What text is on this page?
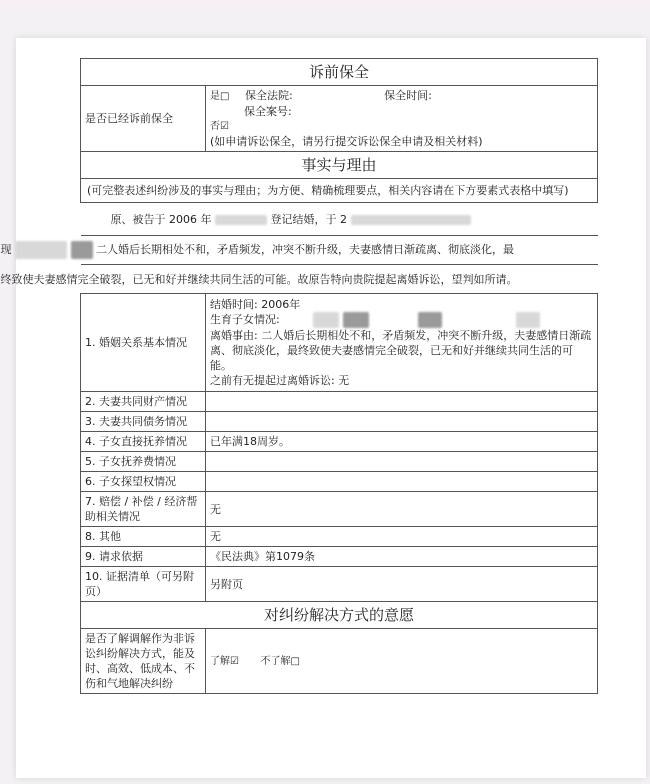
诉前保全	
是否已经诉前保全	是□ 保全法院: 保全时间:
保全案号:
否☑
(如申请诉讼保全，请另行提交诉讼保全申请及相关材料)

事实与理由	
(可完整表述纠纷涉及的事实与理由；为方便、精确梳理要点，相关内容请在下方要素式表格中填写)	
原、被告于 2006 年 登记结婚，于 2	

现 二人婚后长期相处不和，矛盾频发，冲突不断升级，夫妻感情日渐疏离、彻底淡化，最	

终致使夫妻感情完全破裂，已无和好并继续共同生活的可能。故原告特向贵院提起离婚诉讼，望判如所请。	

1. 婚姻关系基本情况	结婚时间: 2006年
生育子女情况:
离婚事由: 二人婚后长期相处不和，矛盾频发，冲突不断升级，夫妻感情日渐疏离、彻底淡化，最终致使夫妻感情完全破裂，已无和好并继续共同生活的可能。
之前有无提起过离婚诉讼: 无

2. 夫妻共同财产情况	
3. 夫妻共同债务情况	
4. 子女直接抚养情况	已年满18周岁。
5. 子女抚养费情况	
6. 子女探望权情况	
7. 赔偿 / 补偿 / 经济帮 助相关情况	无
8. 其他	无
9. 请求依据	《民法典》第1079条
10. 证据清单（可另附页）	另附页
对纠纷解决方式的意愿	
是否了解调解作为非诉讼纠纷解决方式，能及时、高效、低成本、不伤和气地解决纠纷	了解☑ 不了解□
